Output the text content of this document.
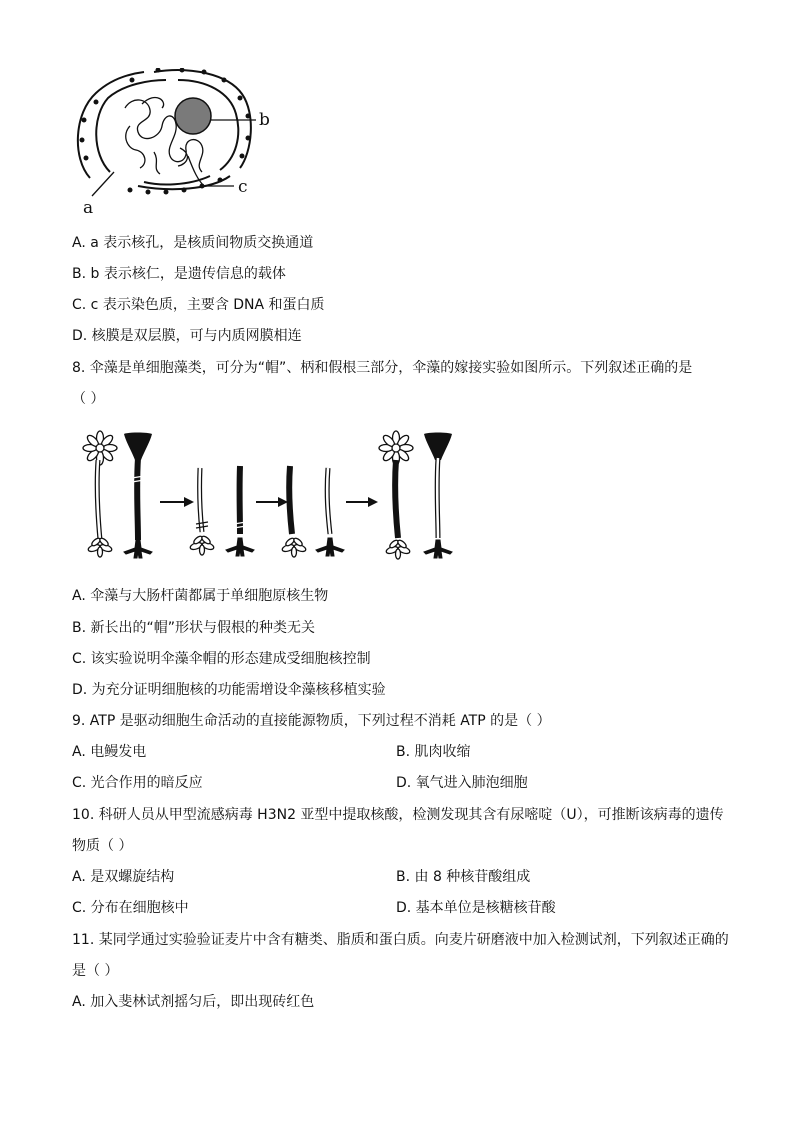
b
c
a
A. a 表示核孔，是核质间物质交换通道
B. b 表示核仁，是遗传信息的载体
C. c 表示染色质，主要含 DNA 和蛋白质
D. 核膜是双层膜，可与内质网膜相连
8. 伞藻是单细胞藻类，可分为“帽”、柄和假根三部分，伞藻的嫁接实验如图所示。下列叙述正确的是
（ ）
A. 伞藻与大肠杆菌都属于单细胞原核生物
B. 新长出的“帽”形状与假根的种类无关
C. 该实验说明伞藻伞帽的形态建成受细胞核控制
D. 为充分证明细胞核的功能需增设伞藻核移植实验
9. ATP 是驱动细胞生命活动的直接能源物质，下列过程不消耗 ATP 的是（ ）
A. 电鳗发电	B. 肌肉收缩
C. 光合作用的暗反应	D. 氧气进入肺泡细胞
10. 科研人员从甲型流感病毒 H3N2 亚型中提取核酸，检测发现其含有尿嘧啶（U），可推断该病毒的遗传
物质（ ）
A. 是双螺旋结构	B. 由 8 种核苷酸组成
C. 分布在细胞核中	D. 基本单位是核糖核苷酸
11. 某同学通过实验验证麦片中含有糖类、脂质和蛋白质。向麦片研磨液中加入检测试剂，下列叙述正确的
是（ ）
A. 加入斐林试剂摇匀后，即出现砖红色
